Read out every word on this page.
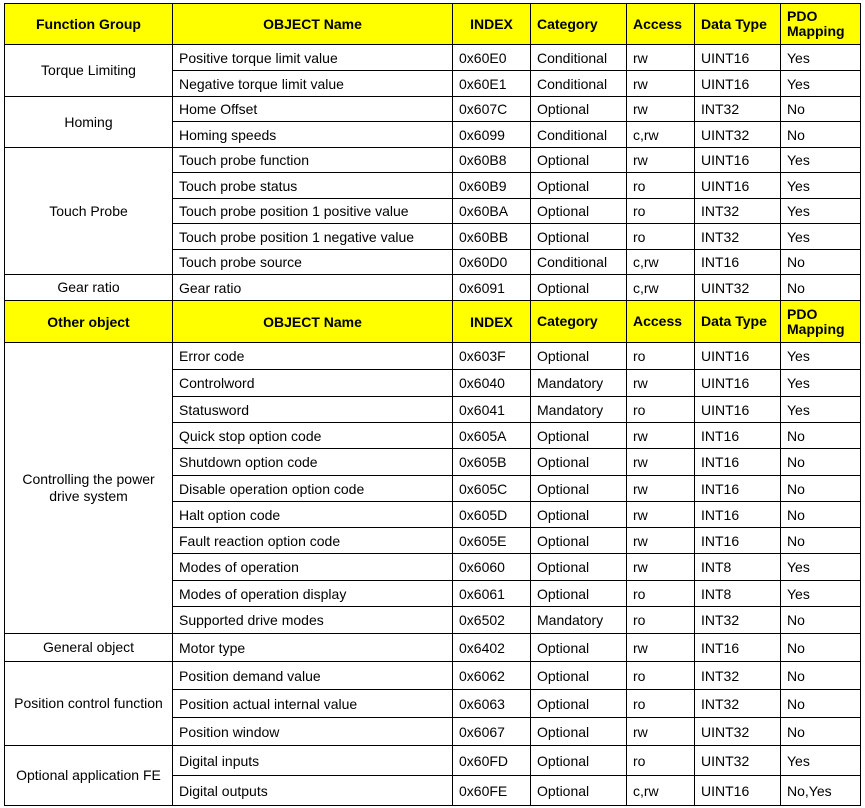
Function Group	OBJECT Name	INDEX	Category	Access	Data Type	PDO Mapping
Torque Limiting	Positive torque limit value	0x60E0	Conditional	rw	UINT16	Yes
	Negative torque limit value	0x60E1	Conditional	rw	UINT16	Yes
Homing	Home Offset	0x607C	Optional	rw	INT32	No
	Homing speeds	0x6099	Conditional	c,rw	UINT32	No
Touch Probe	Touch probe function	0x60B8	Optional	rw	UINT16	Yes
	Touch probe status	0x60B9	Optional	ro	UINT16	Yes
	Touch probe position 1 positive value	0x60BA	Optional	ro	INT32	Yes
	Touch probe position 1 negative value	0x60BB	Optional	ro	INT32	Yes
	Touch probe source	0x60D0	Conditional	c,rw	INT16	No
Gear ratio	Gear ratio	0x6091	Optional	c,rw	UINT32	No
Other object	OBJECT Name	INDEX	Category	Access	Data Type	PDO Mapping
Controlling the power drive system	Error code	0x603F	Optional	ro	UINT16	Yes
	Controlword	0x6040	Mandatory	rw	UINT16	Yes
	Statusword	0x6041	Mandatory	ro	UINT16	Yes
	Quick stop option code	0x605A	Optional	rw	INT16	No
	Shutdown option code	0x605B	Optional	rw	INT16	No
	Disable operation option code	0x605C	Optional	rw	INT16	No
	Halt option code	0x605D	Optional	rw	INT16	No
	Fault reaction option code	0x605E	Optional	rw	INT16	No
	Modes of operation	0x6060	Optional	rw	INT8	Yes
	Modes of operation display	0x6061	Optional	ro	INT8	Yes
	Supported drive modes	0x6502	Mandatory	ro	INT32	No
General object	Motor type	0x6402	Optional	rw	INT16	No
Position control function	Position demand value	0x6062	Optional	ro	INT32	No
	Position actual internal value	0x6063	Optional	ro	INT32	No
	Position window	0x6067	Optional	rw	UINT32	No
Optional application FE	Digital inputs	0x60FD	Optional	ro	UINT32	Yes
	Digital outputs	0x60FE	Optional	c,rw	UINT16	No,Yes
